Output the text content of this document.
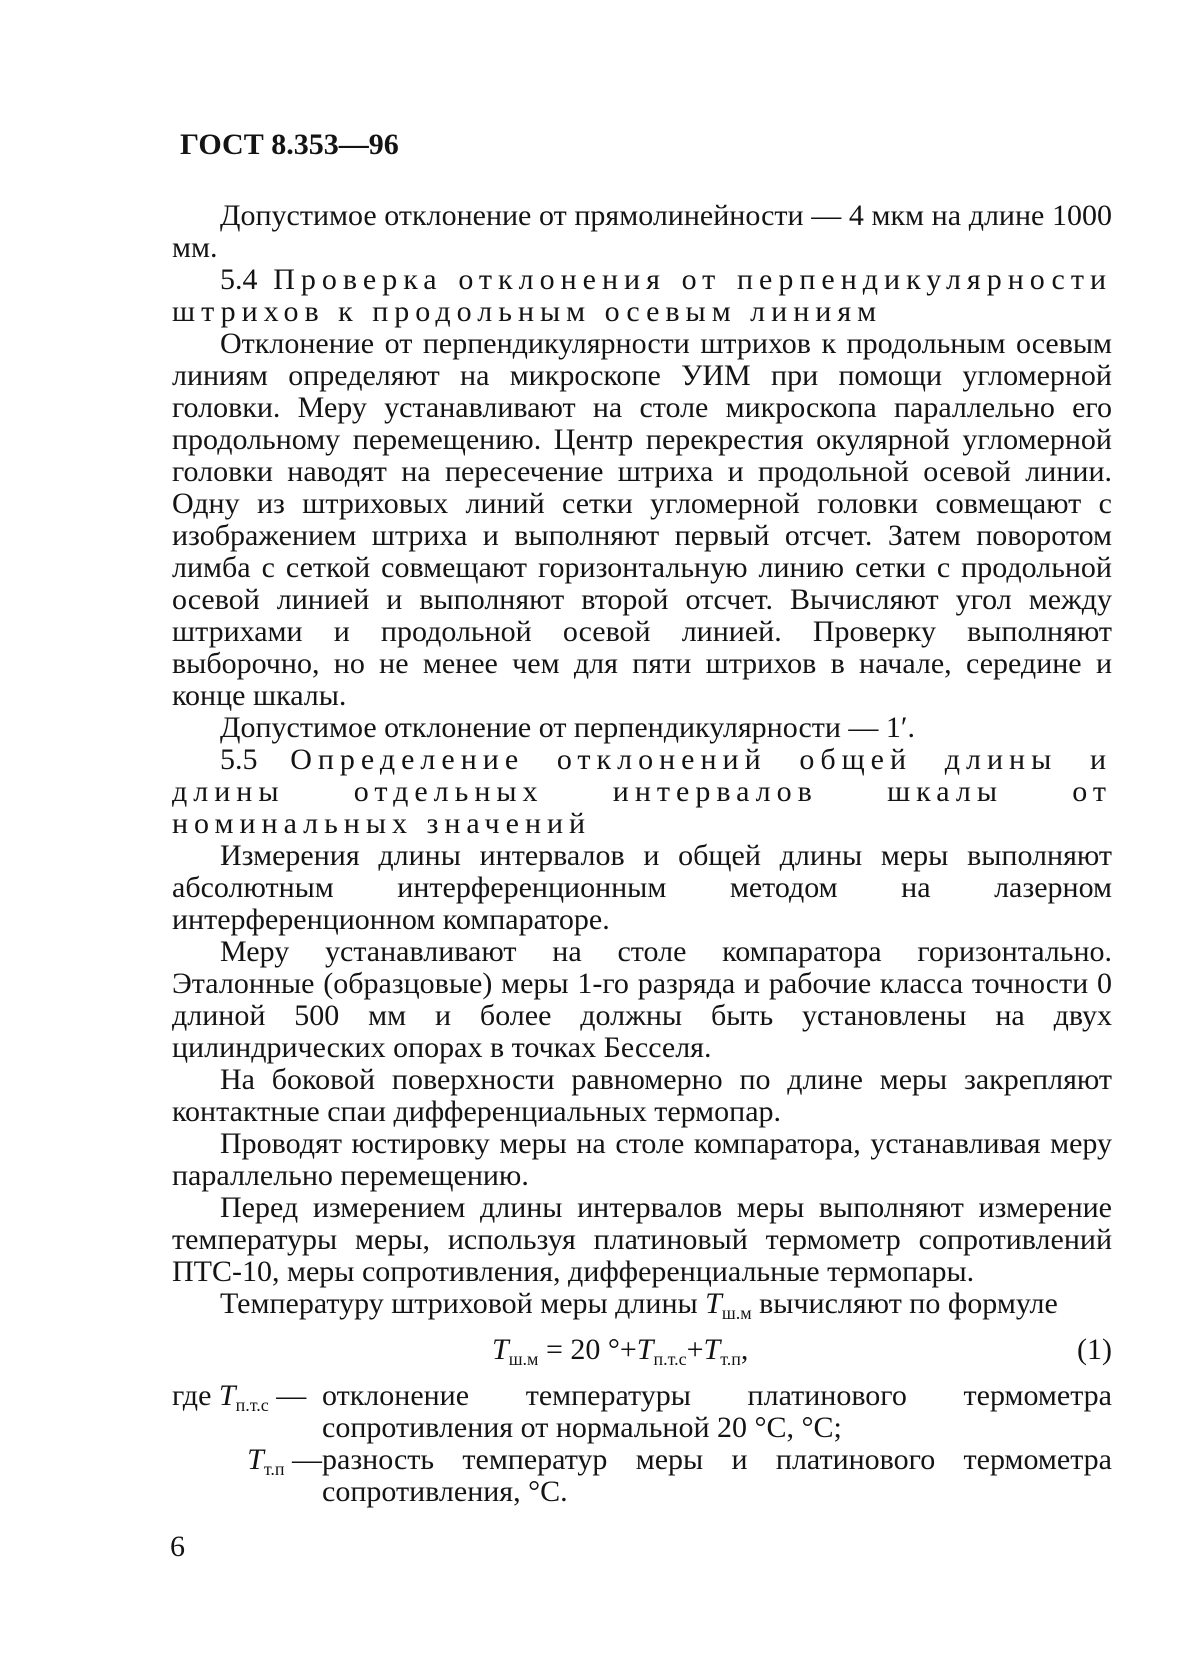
ГОСТ 8.353—96

Допустимое отклонение от прямолинейности — 4 мкм на длине 1000 мм.

5.4 Проверка отклонения от перпендикулярности штрихов к продольным осевым линиям

Отклонение от перпендикулярности штрихов к продольным осевым линиям определяют на микроскопе УИМ при помощи угломерной головки. Меру устанавливают на столе микроскопа параллельно его продольному перемещению. Центр перекрестия окулярной угломерной головки наводят на пересечение штриха и продольной осевой линии. Одну из штриховых линий сетки угломерной головки совмещают с изображением штриха и выполняют первый отсчет. Затем поворотом лимба с сеткой совмещают горизонтальную линию сетки с продольной осевой линией и выполняют второй отсчет. Вычисляют угол между штрихами и продольной осевой линией. Проверку выполняют выборочно, но не менее чем для пяти штрихов в начале, середине и конце шкалы.

Допустимое отклонение от перпендикулярности — 1′.

5.5 Определение отклонений общей длины и длины отдельных интервалов шкалы от номинальных значений

Измерения длины интервалов и общей длины меры выполняют абсолютным интерференционным методом на лазерном интерференционном компараторе.

Меру устанавливают на столе компаратора горизонтально. Эталонные (образцовые) меры 1-го разряда и рабочие класса точности 0 длиной 500 мм и более должны быть установлены на двух цилиндрических опорах в точках Бесселя.

На боковой поверхности равномерно по длине меры закрепляют контактные спаи дифференциальных термопар.

Проводят юстировку меры на столе компаратора, устанавливая меру параллельно перемещению.

Перед измерением длины интервалов меры выполняют измерение температуры меры, используя платиновый термометр сопротивлений ПТС-10, меры сопротивления, дифференциальные термопары.

Температуру штриховой меры длины $T_{ш.м}$ вычисляют по формуле

$T_{ш.м} = 20$ $^\circ+T_{п.т.с}+T_{т.п}$,	(1)
где $T_{п.т.с}$ — отклонение температуры платинового термометра сопротивления от нормальной 20 °С, °С;
$T_{т.п}$ — разность температур меры и платинового термометра сопротивления, °С.
6
